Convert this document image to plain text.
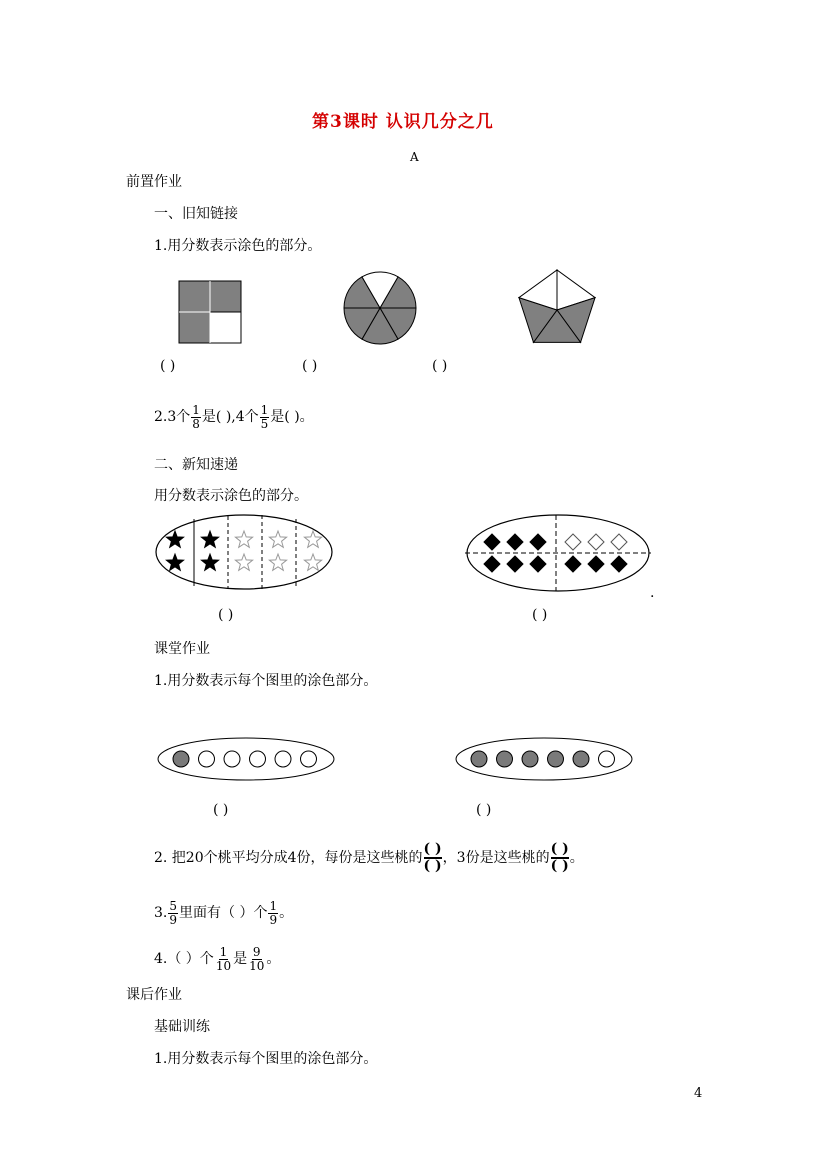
第3课时 认识几分之几
A
前置作业
一、旧知链接
1.用分数表示涂色的部分。
( )	( )	( )
2.3个 $\frac{1}{8}$ 是( ),4个 $\frac{1}{5}$ 是( )。
二、新知速递
用分数表示涂色的部分。
.
( )	( )
课堂作业
1.用分数表示每个图里的涂色部分。
( )	( )
2. 把20个桃平均分成4份，每份是这些桃的 $\frac{( )}{( )}$ ，3份是这些桃的 $\frac{( )}{( )}$ 。
3. $\frac{5}{9}$ 里面有（ ）个 $\frac{1}{9}$ 。
4.（ ）个 $\frac{1}{10}$ 是 $\frac{9}{10}$ 。
课后作业
基础训练
1.用分数表示每个图里的涂色部分。
4
